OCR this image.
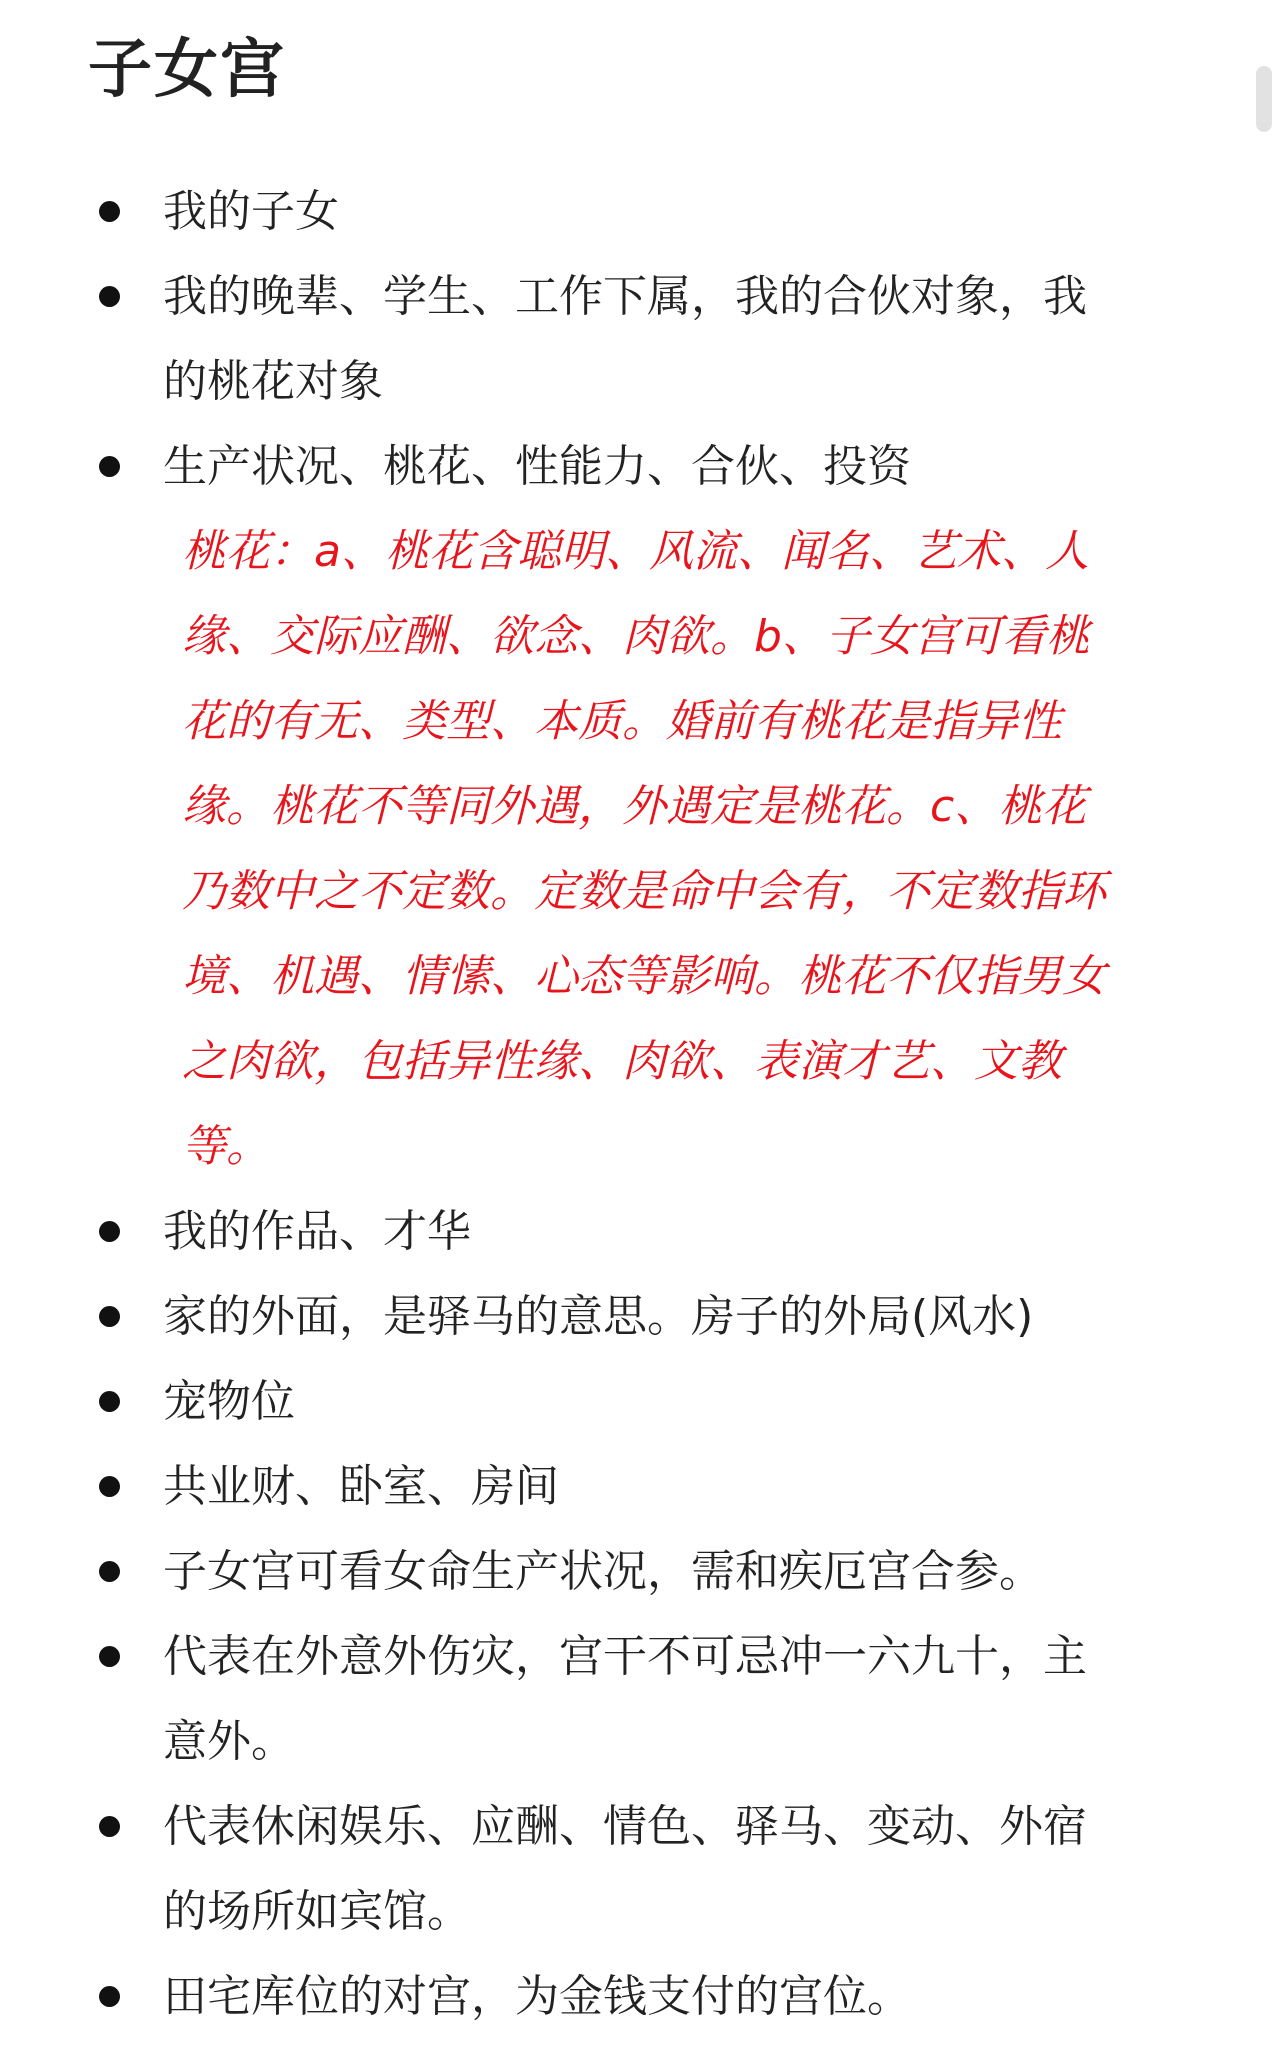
子女宫
我的子女
我的晚辈、学生、工作下属，我的合伙对象，我
的桃花对象
生产状况、桃花、性能力、合伙、投资
我的作品、才华
家的外面，是驿马的意思。房子的外局(风水)
宠物位
共业财、卧室、房间
子女宫可看女命生产状况，需和疾厄宫合参。
代表在外意外伤灾，宫干不可忌冲一六九十，主
意外。
代表休闲娱乐、应酬、情色、驿马、变动、外宿
的场所如宾馆。
田宅库位的对宫，为金钱支付的宫位。
桃花：a、桃花含聪明、风流、闻名、艺术、人
缘、交际应酬、欲念、肉欲。b、子女宫可看桃
花的有无、类型、本质。婚前有桃花是指异性
缘。桃花不等同外遇，外遇定是桃花。c、桃花
乃数中之不定数。定数是命中会有，不定数指环
境、机遇、情愫、心态等影响。桃花不仅指男女
之肉欲，包括异性缘、肉欲、表演才艺、文教
等。
